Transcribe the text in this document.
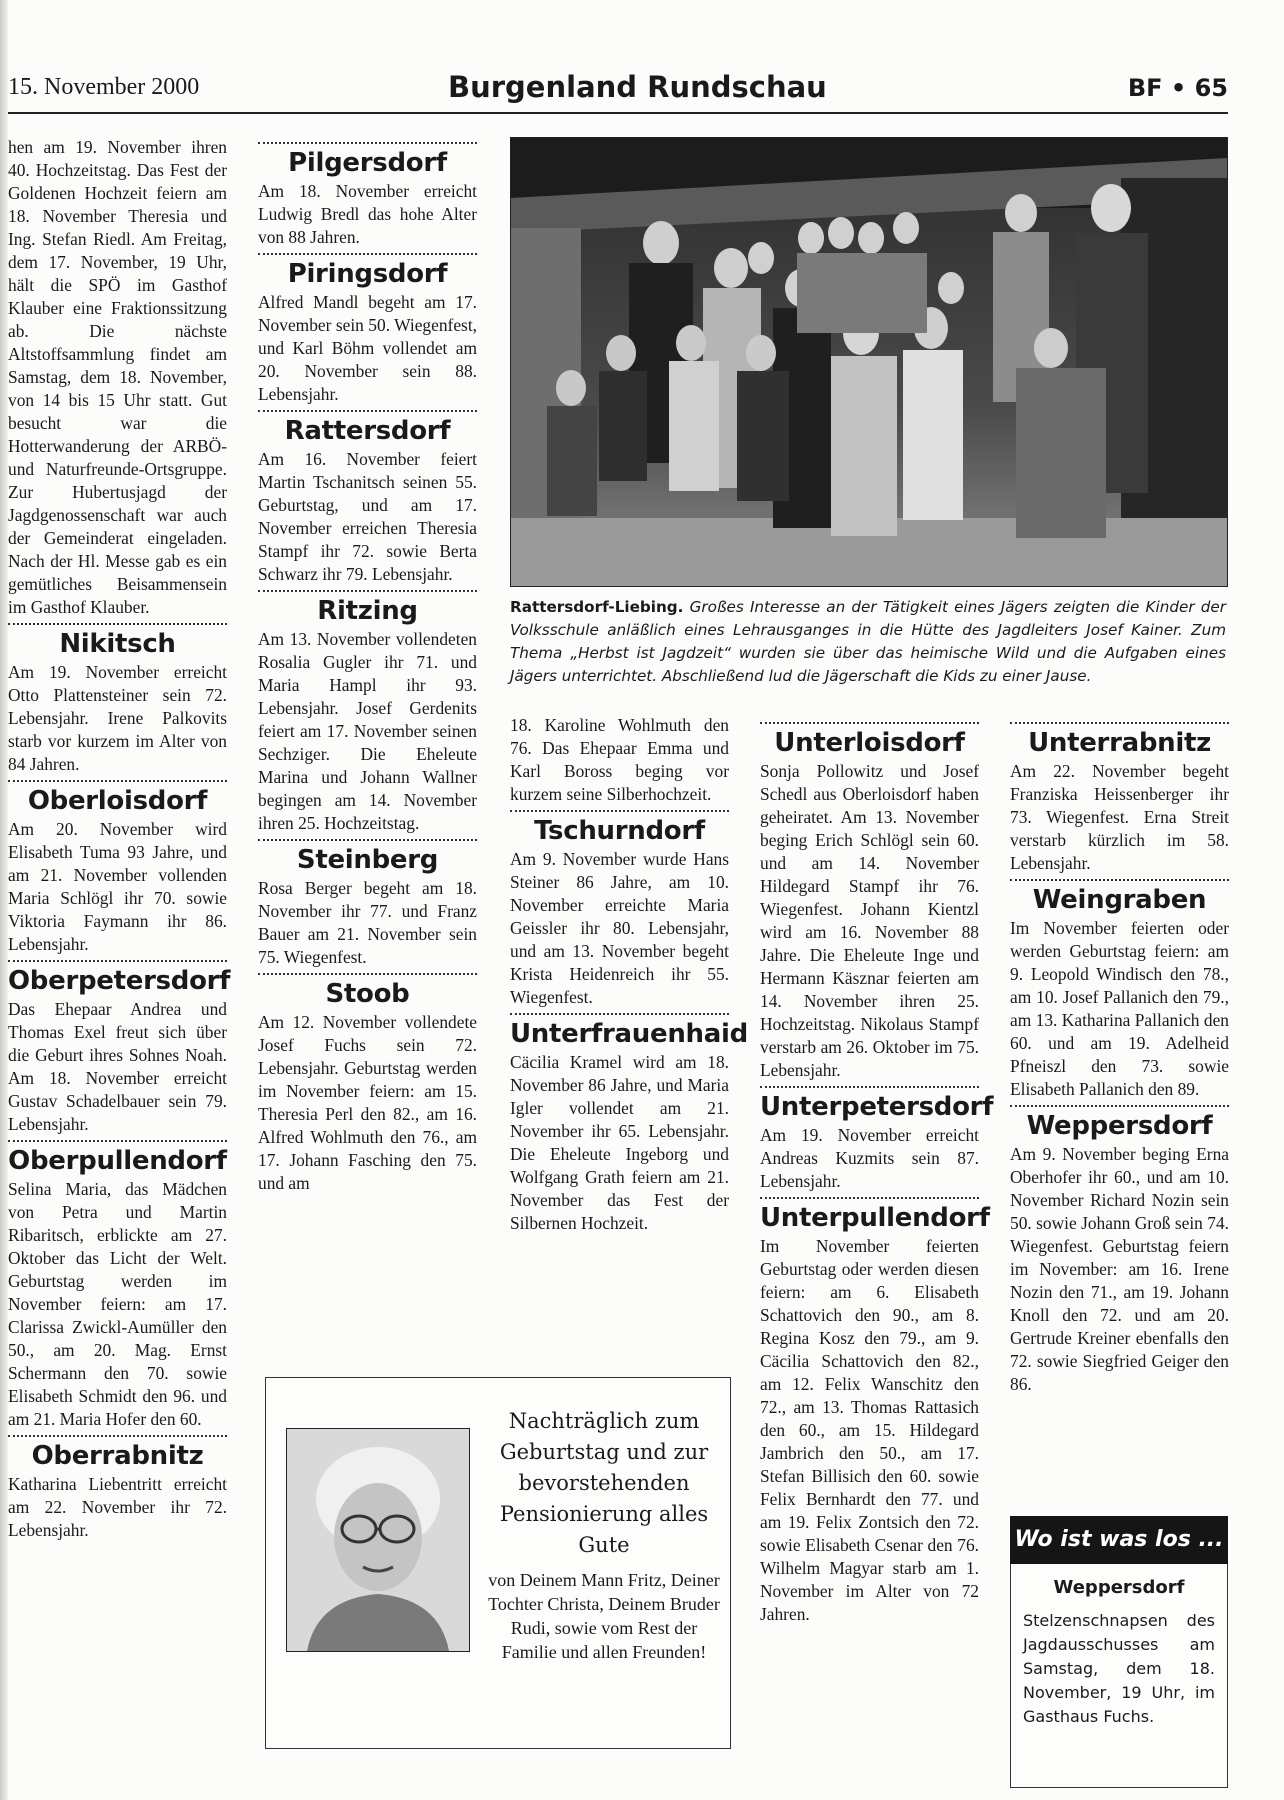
15. November 2000	Burgenland Rundschau	BF • 65

hen am 19. November ihren 40. Hochzeitstag. Das Fest der Goldenen Hochzeit feiern am 18. November Theresia und Ing. Stefan Riedl. Am Freitag, dem 17. November, 19 Uhr, hält die SPÖ im Gasthof Klauber eine Fraktionssitzung ab. Die nächste Altstoffsammlung findet am Samstag, dem 18. November, von 14 bis 15 Uhr statt. Gut besucht war die Hotterwanderung der ARBÖ- und Naturfreunde-Ortsgruppe. Zur Hubertusjagd der Jagdgenossenschaft war auch der Gemeinderat eingeladen. Nach der Hl. Messe gab es ein gemütliches Beisammensein im Gasthof Klauber.

Nikitsch

Am 19. November erreicht Otto Plattensteiner sein 72. Lebensjahr. Irene Palkovits starb vor kurzem im Alter von 84 Jahren.

Oberloisdorf

Am 20. November wird Elisabeth Tuma 93 Jahre, und am 21. November vollenden Maria Schlögl ihr 70. sowie Viktoria Faymann ihr 86. Lebensjahr.

Oberpetersdorf

Das Ehepaar Andrea und Thomas Exel freut sich über die Geburt ihres Sohnes Noah. Am 18. November erreicht Gustav Schadelbauer sein 79. Lebensjahr.

Oberpullendorf

Selina Maria, das Mädchen von Petra und Martin Ribaritsch, erblickte am 27. Oktober das Licht der Welt. Geburtstag werden im November feiern: am 17. Clarissa Zwickl-Aumüller den 50., am 20. Mag. Ernst Schermann den 70. sowie Elisabeth Schmidt den 96. und am 21. Maria Hofer den 60.

Oberrabnitz

Katharina Liebentritt erreicht am 22. November ihr 72. Lebensjahr.

Pilgersdorf

Am 18. November erreicht Ludwig Bredl das hohe Alter von 88 Jahren.

Piringsdorf

Alfred Mandl begeht am 17. November sein 50. Wiegenfest, und Karl Böhm vollendet am 20. November sein 88. Lebensjahr.

Rattersdorf

Am 16. November feiert Martin Tschanitsch seinen 55. Geburtstag, und am 17. November erreichen Theresia Stampf ihr 72. sowie Berta Schwarz ihr 79. Lebensjahr.

Ritzing

Am 13. November vollendeten Rosalia Gugler ihr 71. und Maria Hampl ihr 93. Lebensjahr. Josef Gerdenits feiert am 17. November seinen Sechziger. Die Eheleute Marina und Johann Wallner begingen am 14. November ihren 25. Hochzeitstag.

Steinberg

Rosa Berger begeht am 18. November ihr 77. und Franz Bauer am 21. November sein 75. Wiegenfest.

Stoob

Am 12. November vollendete Josef Fuchs sein 72. Lebensjahr. Geburtstag werden im November feiern: am 15. Theresia Perl den 82., am 16. Alfred Wohlmuth den 76., am 17. Johann Fasching den 75. und am

Rattersdorf-Liebing. Großes Interesse an der Tätigkeit eines Jägers zeigten die Kinder der Volksschule anläßlich eines Lehrausganges in die Hütte des Jagdleiters Josef Kainer. Zum Thema „Herbst ist Jagdzeit“ wurden sie über das heimische Wild und die Aufgaben eines Jägers unterrichtet. Abschließend lud die Jägerschaft die Kids zu einer Jause.

18. Karoline Wohlmuth den 76. Das Ehepaar Emma und Karl Boross beging vor kurzem seine Silberhochzeit.

Tschurndorf

Am 9. November wurde Hans Steiner 86 Jahre, am 10. November erreichte Maria Geissler ihr 80. Lebensjahr, und am 13. November begeht Krista Heidenreich ihr 55. Wiegenfest.

Unterfrauenhaid

Cäcilia Kramel wird am 18. November 86 Jahre, und Maria Igler vollendet am 21. November ihr 65. Lebensjahr. Die Eheleute Ingeborg und Wolfgang Grath feiern am 21. November das Fest der Silbernen Hochzeit.

Unterloisdorf

Sonja Pollowitz und Josef Schedl aus Oberloisdorf haben geheiratet. Am 13. November beging Erich Schlögl sein 60. und am 14. November Hildegard Stampf ihr 76. Wiegenfest. Johann Kientzl wird am 16. November 88 Jahre. Die Eheleute Inge und Hermann Käsznar feierten am 14. November ihren 25. Hochzeitstag. Nikolaus Stampf verstarb am 26. Oktober im 75. Lebensjahr.

Unterpetersdorf

Am 19. November erreicht Andreas Kuzmits sein 87. Lebensjahr.

Unterpullendorf

Im November feierten Geburtstag oder werden diesen feiern: am 6. Elisabeth Schattovich den 90., am 8. Regina Kosz den 79., am 9. Cäcilia Schattovich den 82., am 12. Felix Wanschitz den 72., am 13. Thomas Rattasich den 60., am 15. Hildegard Jambrich den 50., am 17. Stefan Billisich den 60. sowie Felix Bernhardt den 77. und am 19. Felix Zontsich den 72. sowie Elisabeth Csenar den 76. Wilhelm Magyar starb am 1. November im Alter von 72 Jahren.

Unterrabnitz

Am 22. November begeht Franziska Heissenberger ihr 73. Wiegenfest. Erna Streit verstarb kürzlich im 58. Lebensjahr.

Weingraben

Im November feierten oder werden Geburtstag feiern: am 9. Leopold Windisch den 78., am 10. Josef Pallanich den 79., am 13. Katharina Pallanich den 60. und am 19. Adelheid Pfneiszl den 73. sowie Elisabeth Pallanich den 89.

Weppersdorf

Am 9. November beging Erna Oberhofer ihr 60., und am 10. November Richard Nozin sein 50. sowie Johann Groß sein 74. Wiegenfest. Geburtstag feiern im November: am 16. Irene Nozin den 71., am 19. Johann Knoll den 72. und am 20. Gertrude Kreiner ebenfalls den 72. sowie Siegfried Geiger den 86.

Nachträglich zum Geburtstag und zur bevorstehenden Pensionierung alles Gute
von Deinem Mann Fritz, Deiner Tochter Christa, Deinem Bruder Rudi, sowie vom Rest der Familie und allen Freunden!
Wo ist was los ...
Weppersdorf
Stelzenschnapsen des Jagdausschusses am Samstag, dem 18. November, 19 Uhr, im Gasthaus Fuchs.
